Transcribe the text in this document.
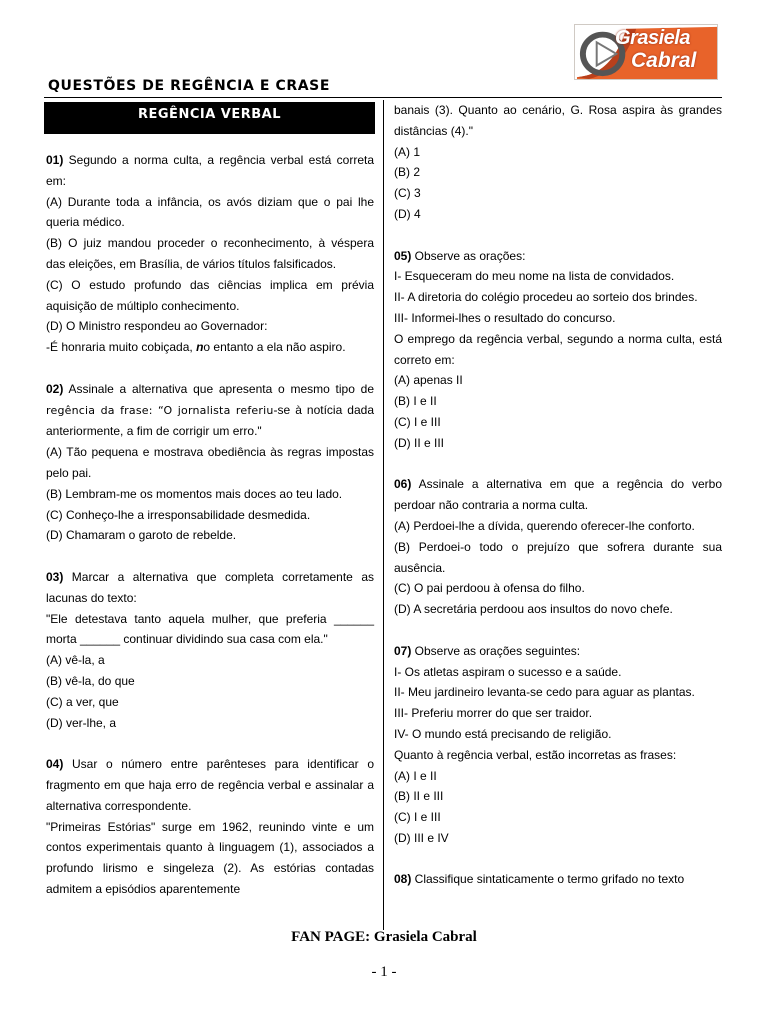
Grasiela
Cabral
QUESTÕES DE REGÊNCIA E CRASE
REGÊNCIA VERBAL

01) Segundo a norma culta, a regência verbal está correta em:

(A) Durante toda a infância, os avós diziam que o pai lhe queria médico.

(B) O juiz mandou proceder o reconhecimento, à véspera das eleições, em Brasília, de vários títulos falsificados.

(C) O estudo profundo das ciências implica em prévia aquisição de múltiplo conhecimento.

(D) O Ministro respondeu ao Governador:

-É honraria muito cobiçada, no entanto a ela não aspiro.

02) Assinale a alternativa que apresenta o mesmo tipo de regência da frase: “O jornalista referiu-se à notícia dada anteriormente, a fim de corrigir um erro."

(A) Tão pequena e mostrava obediência às regras impostas pelo pai.

(B) Lembram-me os momentos mais doces ao teu lado.

(C) Conheço-lhe a irresponsabilidade desmedida.

(D) Chamaram o garoto de rebelde.

03) Marcar a alternativa que completa corretamente as lacunas do texto:

"Ele detestava tanto aquela mulher, que preferia ______ morta ______ continuar dividindo sua casa com ela."

(A) vê-la, a

(B) vê-la, do que

(C) a ver, que

(D) ver-lhe, a

04) Usar o número entre parênteses para identificar o fragmento em que haja erro de regência verbal e assinalar a alternativa correspondente.

"Primeiras Estórias" surge em 1962, reunindo vinte e um contos experimentais quanto à linguagem (1), associados a profundo lirismo e singeleza (2). As estórias contadas admitem a episódios aparentemente

banais (3). Quanto ao cenário, G. Rosa aspira às grandes distâncias (4)."

(A) 1

(B) 2

(C) 3

(D) 4

05) Observe as orações:

I- Esqueceram do meu nome na lista de convidados.

II- A diretoria do colégio procedeu ao sorteio dos brindes.

III- Informei-lhes o resultado do concurso.

O emprego da regência verbal, segundo a norma culta, está correto em:

(A) apenas II

(B) I e II

(C) I e III

(D) II e III

06) Assinale a alternativa em que a regência do verbo perdoar não contraria a norma culta.

(A) Perdoei-lhe a dívida, querendo oferecer-lhe conforto.

(B) Perdoei-o todo o prejuízo que sofrera durante sua ausência.

(C) O pai perdoou à ofensa do filho.

(D) A secretária perdoou aos insultos do novo chefe.

07) Observe as orações seguintes:

I- Os atletas aspiram o sucesso e a saúde.

II- Meu jardineiro levanta-se cedo para aguar as plantas.

III- Preferiu morrer do que ser traidor.

IV- O mundo está precisando de religião.

Quanto à regência verbal, estão incorretas as frases:

(A) I e II

(B) II e III

(C) I e III

(D) III e IV

08) Classifique sintaticamente o termo grifado no texto

FAN PAGE: Grasiela Cabral
- 1 -
